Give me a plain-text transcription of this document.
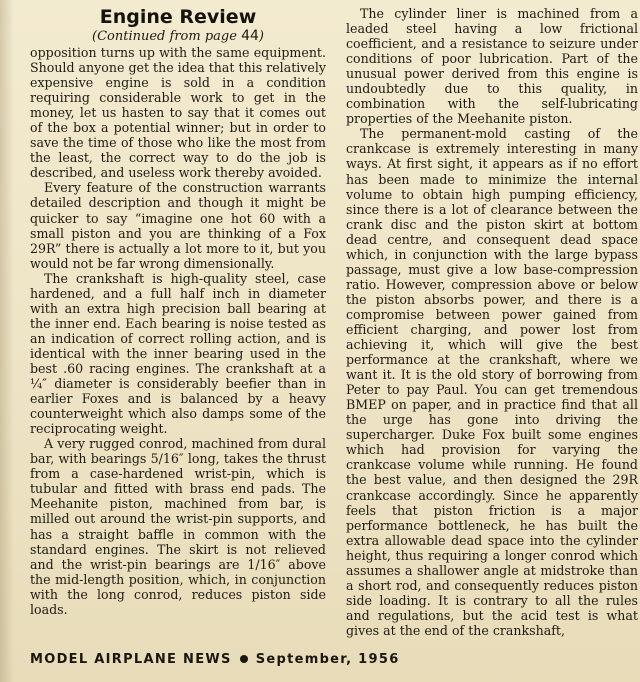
Engine Review
(Continued from page 44)

opposition turns up with the same equipment. Should anyone get the idea that this relatively expensive engine is sold in a condition requiring considerable work to get in the money, let us hasten to say that it comes out of the box a potential winner; but in order to save the time of those who like the most from the least, the correct way to do the job is described, and useless work thereby avoided.

Every feature of the construction warrants detailed description and though it might be quicker to say “imagine one hot 60 with a small piston and you are thinking of a Fox 29R” there is actually a lot more to it, but you would not be far wrong dimensionally.

The crankshaft is high-quality steel, case hardened, and a full half inch in diameter with an extra high precision ball bearing at the inner end. Each bearing is noise tested as an indication of correct rolling action, and is identical with the inner bearing used in the best .60 racing engines. The crankshaft at a ¼″ diameter is considerably beefier than in earlier Foxes and is balanced by a heavy counterweight which also damps some of the reciprocating weight.

A very rugged conrod, machined from dural bar, with bearings 5/16″ long, takes the thrust from a case-hardened wrist-pin, which is tubular and fitted with brass end pads. The Meehanite piston, machined from bar, is milled out around the wrist-pin supports, and has a straight baffle in common with the standard engines. The skirt is not relieved and the wrist-pin bearings are 1/16″ above the mid-length position, which, in conjunction with the long conrod, reduces piston side loads.

The cylinder liner is machined from a leaded steel having a low frictional coefficient, and a resistance to seizure under conditions of poor lubrication. Part of the unusual power derived from this engine is undoubtedly due to this quality, in combination with the self-lubricating properties of the Meehanite piston.

The permanent-mold casting of the crankcase is extremely interesting in many ways. At first sight, it appears as if no effort has been made to minimize the internal volume to obtain high pumping efficiency, since there is a lot of clearance between the crank disc and the piston skirt at bottom dead centre, and consequent dead space which, in conjunction with the large bypass passage, must give a low base-compression ratio. However, compression above or below the piston absorbs power, and there is a compromise between power gained from efficient charging, and power lost from achieving it, which will give the best performance at the crankshaft, where we want it. It is the old story of borrowing from Peter to pay Paul. You can get tremendous BMEP on paper, and in practice find that all the urge has gone into driving the supercharger. Duke Fox built some engines which had provision for varying the crankcase volume while running. He found the best value, and then designed the 29R crankcase accordingly. Since he apparently feels that piston friction is a major performance bottleneck, he has built the extra allowable dead space into the cylinder height, thus requiring a longer conrod which assumes a shallower angle at midstroke than a short rod, and consequently reduces piston side loading. It is contrary to all the rules and regulations, but the acid test is what gives at the end of the crankshaft,

MODEL AIRPLANE NEWS September, 1956
